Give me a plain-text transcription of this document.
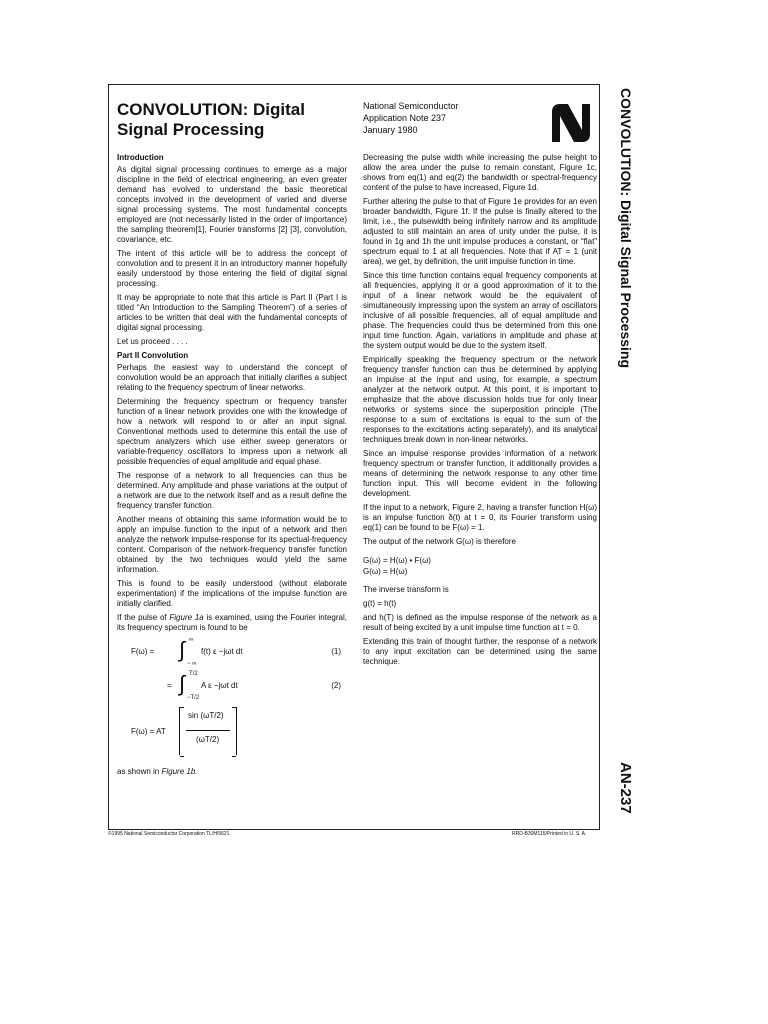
CONVOLUTION: Digital Signal Processing
National Semiconductor
Application Note 237
January 1980	CONVOLUTION: Digital Signal Processing
AN-237
Introduction

As digital signal processing continues to emerge as a major discipline in the field of electrical engineering, an even greater demand has evolved to understand the basic theoretical concepts involved in the development of varied and diverse signal processing systems. The most fundamental concepts employed are (not necessarily listed in the order of importance) the sampling theorem[1], Fourier transforms [2] [3], convolution, covariance, etc.

The intent of this article will be to address the concept of convolution and to present it in an introductory manner hopefully easily understood by those entering the field of digital signal processing.

It may be appropriate to note that this article is Part II (Part I is titled “An Introduction to the Sampling Theorem”) of a series of articles to be written that deal with the fundamental concepts of digital signal processing.

Let us proceed . . . .

Part II Convolution

Perhaps the easiest way to understand the concept of convolution would be an approach that initially clarifies a subject relating to the frequency spectrum of linear networks.

Determining the frequency spectrum or frequency transfer function of a linear network provides one with the knowledge of how a network will respond to or alter an input signal. Conventional methods used to determine this entail the use of spectrum analyzers which use either sweep generators or variable-frequency oscillators to impress upon a network all possible frequencies of equal amplitude and equal phase.

The response of a network to all frequencies can thus be determined. Any amplitude and phase variations at the output of a network are due to the network itself and as a result define the frequency transfer function.

Another means of obtaining this same information would be to apply an impulse function to the input of a network and then analyze the network impulse-response for its spectual-frequency content. Comparison of the network-frequency transfer function obtained by the two techniques would yield the same information.

This is found to be easily understood (without elaborate experimentation) if the implications of the impulse function are initially clarified.

If the pulse of Figure 1a is examined, using the Fourier integral, its frequency spectrum is found to be

F(ω) = ∫ ∞
− ∞
f(t) ε −jωt dt	(1)
= ∫ T/2
−T/2
A ε −jωt dt	(2)
F(ω) = AT
sin (ωT/2)
(ωT/2)

as shown in Figure 1b.

Decreasing the pulse width while increasing the pulse height to allow the area under the pulse to remain constant, Figure 1c, shows from eq(1) and eq(2) the bandwidth or spectral-frequency content of the pulse to have increased, Figure 1d.

Further altering the pulse to that of Figure 1e provides for an even broader bandwidth, Figure 1f. If the pulse is finally altered to the limit, i.e., the pulsewidth being infinitely narrow and its amplitude adjusted to still maintain an area of unity under the pulse, it is found in 1g and 1h the unit impulse produces a constant, or “flat” spectrum equal to 1 at all frequencies. Note that if AT = 1 (unit area), we get, by definition, the unit impulse function in time.

Since this time function contains equal frequency components at all frequencies, applying it or a good approximation of it to the input of a linear network would be the equivalent of simultaneously impressing upon the system an array of oscillators inclusive of all possible frequencies, all of equal amplitude and phase. The frequencies could thus be determined from this one input time function. Again, variations in amplitude and phase at the system output would be due to the system itself.

Empirically speaking the frequency spectrum or the network frequency transfer function can thus be determined by applying an impulse at the input and using, for example, a spectrum analyzer at the network output. At this point, it is important to emphasize that the above discussion holds true for only linear networks or systems since the superposition principle (The response to a sum of excitations is equal to the sum of the responses to the excitations acting separately), and its analytical techniques break down in non-linear networks.

Since an impulse response provides information of a network frequency spectrum or transfer function, it additionally provides a means of determining the network response to any other time function input. This will become evident in the following development.

If the input to a network, Figure 2, having a transfer function H(ω) is an impulse function δ(t) at t = 0, its Fourier transform using eq(1) can be found to be F(ω) = 1.

The output of the network G(ω) is therefore

G(ω) = H(ω) • F(ω)
G(ω) = H(ω)

The inverse transform is

g(t) = h(t)

and h(T) is defined as the impulse response of the network as a result of being excited by a unit impulse time function at t = 0.

Extending this train of thought further, the response of a network to any input excitation can be determined using the same technique.

©1995 National Semiconductor Corporation TL/H/5621	RRD-B30M115/Printed in U. S. A.
